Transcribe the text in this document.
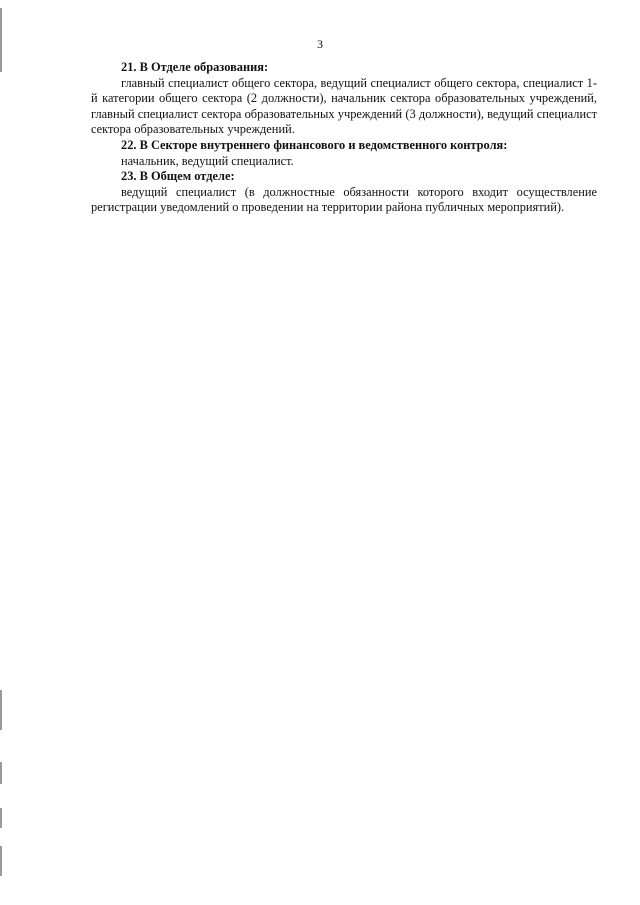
3

21. В Отделе образования:

главный специалист общего сектора, ведущий специалист общего сектора, специалист 1-й категории общего сектора (2 должности), начальник сектора образовательных учреждений, главный специалист сектора образовательных учреждений (3 должности), ведущий специалист сектора образовательных учреждений.

22. В Секторе внутреннего финансового и ведомственного контроля:

начальник, ведущий специалист.

23. В Общем отделе:

ведущий специалист (в должностные обязанности которого входит осуществление регистрации уведомлений о проведении на территории района публичных мероприятий).
